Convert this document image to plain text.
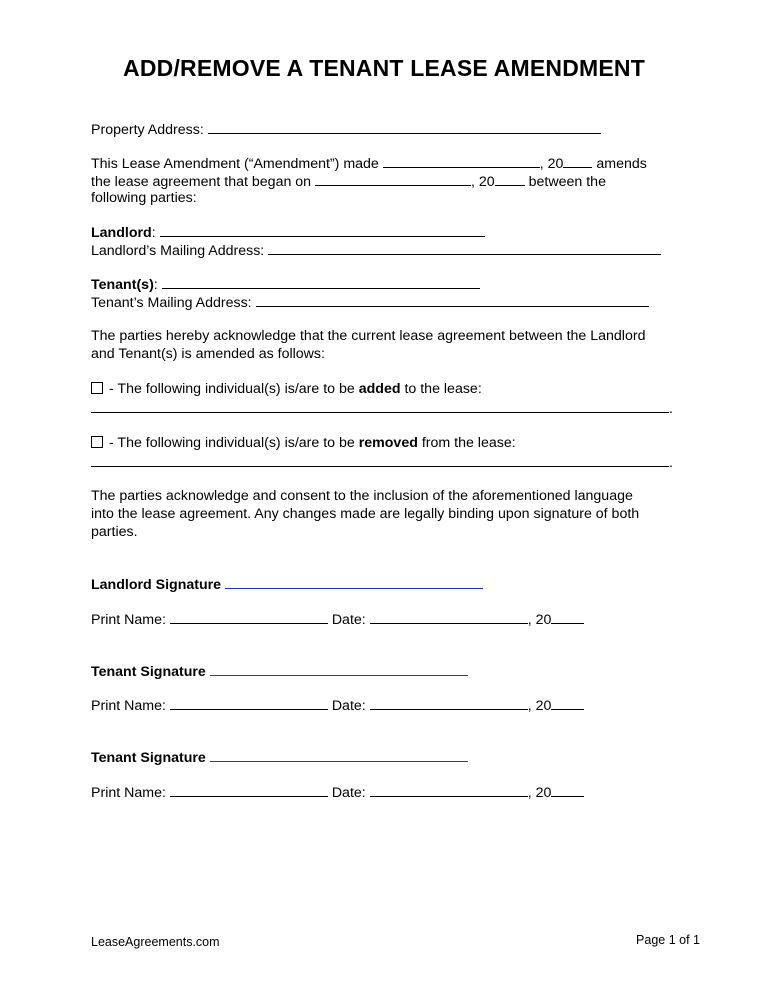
ADD/REMOVE A TENANT LEASE AMENDMENT
Property Address:
This Lease Amendment (“Amendment”) made	, 20 amends
the lease agreement that began on	, 20 between the
following parties:
Landlord:
Landlord’s Mailing Address:
Tenant(s):
Tenant’s Mailing Address:
The parties hereby acknowledge that the current lease agreement between the Landlord
and Tenant(s) is amended as follows:
- The following individual(s) is/are to be added to the lease:
.
- The following individual(s) is/are to be removed from the lease:
.
The parties acknowledge and consent to the inclusion of the aforementioned language
into the lease agreement. Any changes made are legally binding upon signature of both
parties.
Landlord Signature
Print Name:	Date:	, 20
Tenant Signature
Print Name:	Date:	, 20
Tenant Signature
Print Name:	Date:	, 20
LeaseAgreements.com	Page 1 of 1
